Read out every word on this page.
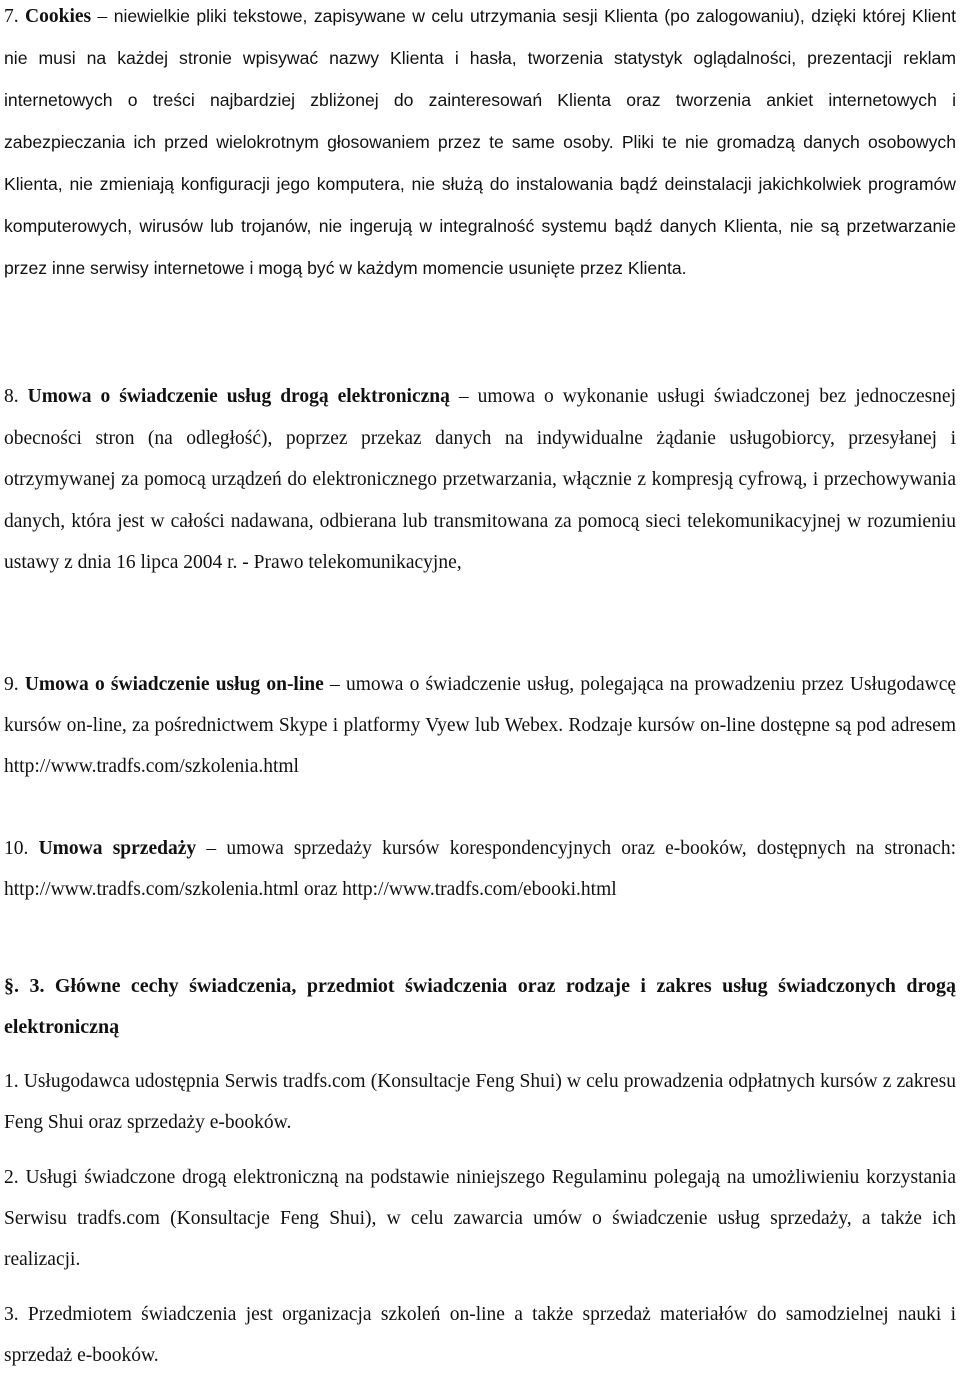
7. Cookies – niewielkie pliki tekstowe, zapisywane w celu utrzymania sesji Klienta (po zalogowaniu), dzięki której Klient nie musi na każdej stronie wpisywać nazwy Klienta i hasła, tworzenia statystyk oglądalności, prezentacji reklam internetowych o treści najbardziej zbliżonej do zainteresowań Klienta oraz tworzenia ankiet internetowych i zabezpieczania ich przed wielokrotnym głosowaniem przez te same osoby. Pliki te nie gromadzą danych osobowych Klienta, nie zmieniają konfiguracji jego komputera, nie służą do instalowania bądź deinstalacji jakichkolwiek programów komputerowych, wirusów lub trojanów, nie ingerują w integralność systemu bądź danych Klienta, nie są przetwarzanie przez inne serwisy internetowe i mogą być w każdym momencie usunięte przez Klienta.

8. Umowa o świadczenie usług drogą elektroniczną – umowa o wykonanie usługi świadczonej bez jednoczesnej obecności stron (na odległość), poprzez przekaz danych na indywidualne żądanie usługobiorcy, przesyłanej i otrzymywanej za pomocą urządzeń do elektronicznego przetwarzania, włącznie z kompresją cyfrową, i przechowywania danych, która jest w całości nadawana, odbierana lub transmitowana za pomocą sieci telekomunikacyjnej w rozumieniu ustawy z dnia 16 lipca 2004 r. - Prawo telekomunikacyjne,

9. Umowa o świadczenie usług on-line – umowa o świadczenie usług, polegająca na prowadzeniu przez Usługodawcę kursów on-line, za pośrednictwem Skype i platformy Vyew lub Webex. Rodzaje kursów on-line dostępne są pod adresem http://www.tradfs.com/szkolenia.html

10. Umowa sprzedaży – umowa sprzedaży kursów korespondencyjnych oraz e-booków, dostępnych na stronach: http://www.tradfs.com/szkolenia.html oraz http://www.tradfs.com/ebooki.html

§. 3. Główne cechy świadczenia, przedmiot świadczenia oraz rodzaje i zakres usług świadczonych drogą elektroniczną

1. Usługodawca udostępnia Serwis tradfs.com (Konsultacje Feng Shui) w celu prowadzenia odpłatnych kursów z zakresu Feng Shui oraz sprzedaży e-booków.

2. Usługi świadczone drogą elektroniczną na podstawie niniejszego Regulaminu polegają na umożliwieniu korzystania Serwisu tradfs.com (Konsultacje Feng Shui), w celu zawarcia umów o świadczenie usług sprzedaży, a także ich realizacji.

3. Przedmiotem świadczenia jest organizacja szkoleń on-line a także sprzedaż materiałów do samodzielnej nauki i sprzedaż e-booków.
